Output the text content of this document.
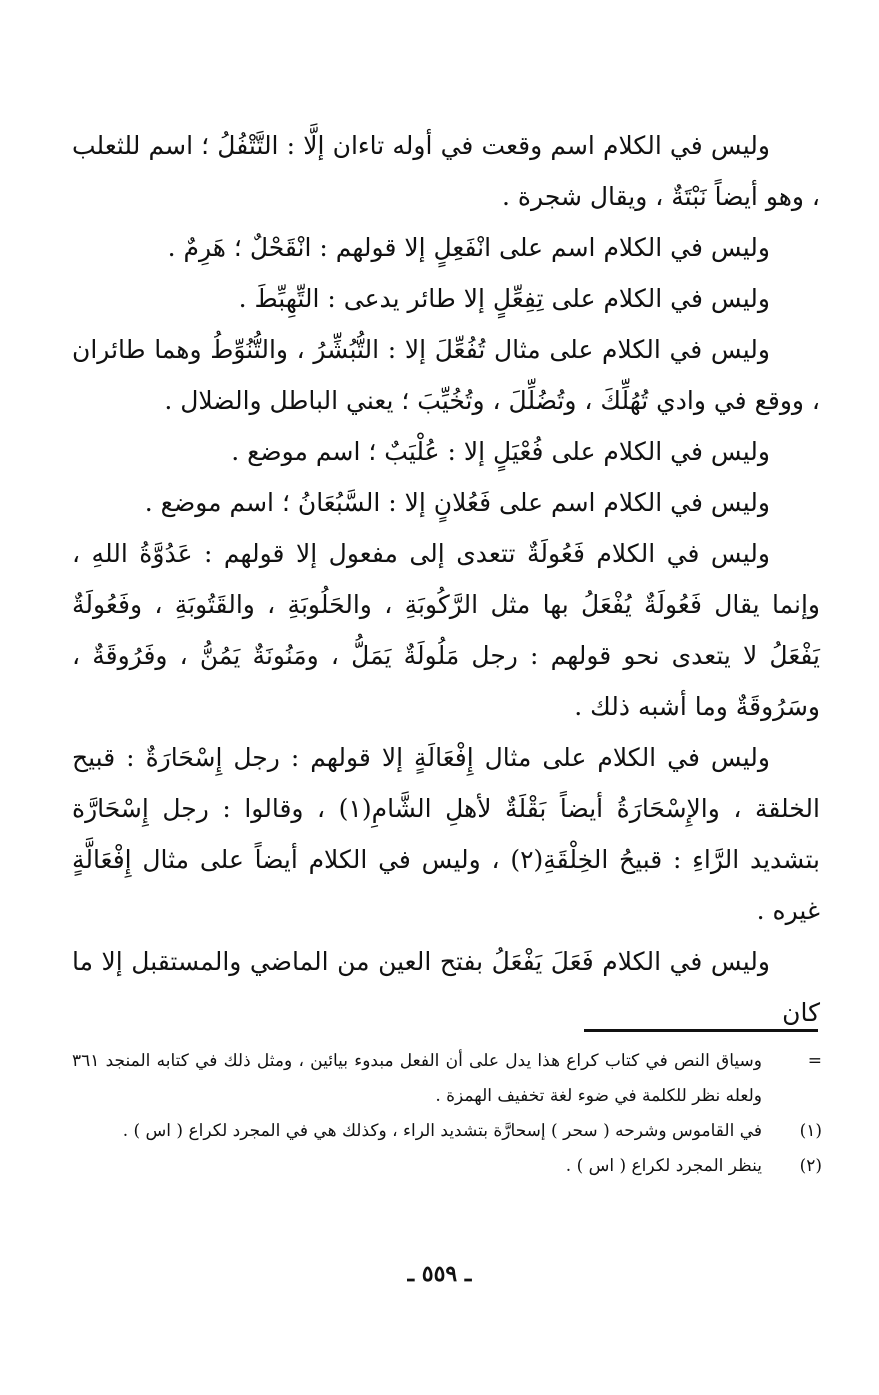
وليس في الكلام اسم وقعت في أوله تاءان إلَّا : التَّتْفُلُ ؛ اسم للثعلب ، وهو أيضاً نَبْتَةٌ ، ويقال شجرة .

وليس في الكلام اسم على انْفَعِلٍ إلا قولهم : انْقَحْلٌ ؛ هَرِمٌ .

وليس في الكلام على تِفِعِّلٍ إلا طائر يدعى : التِّهِبِّطَ .

وليس في الكلام على مثال تُفُعِّلَ إلا : التُّبُشِّرُ ، والتُّنُوِّطُ وهما طائران ، ووقع في وادي تُهُلِّكَ ، وتُضُلِّلَ ، وتُخُيِّبَ ؛ يعني الباطل والضلال .

وليس في الكلام على فُعْيَلٍ إلا : عُلْيَبٌ ؛ اسم موضع .

وليس في الكلام اسم على فَعُلانٍ إلا : السَّبُعَانُ ؛ اسم موضع .

وليس في الكلام فَعُولَةٌ تتعدى إلى مفعول إلا قولهم : عَدُوَّةُ اللهِ ، وإنما يقال فَعُولَةٌ يُفْعَلُ بها مثل الرَّكُوبَةِ ، والحَلُوبَةِ ، والقَتُوبَةِ ، وفَعُولَةٌ يَفْعَلُ لا يتعدى نحو قولهم : رجل مَلُولَةٌ يَمَلُّ ، ومَنُونَةٌ يَمُنُّ ، وفَرُوقَةٌ ، وسَرُوقَةٌ وما أشبه ذلك .

وليس في الكلام على مثال إِفْعَالَةٍ إلا قولهم : رجل إِسْحَارَةٌ : قبيح الخلقة ، والإِسْحَارَةُ أيضاً بَقْلَةٌ لأهلِ الشَّامِ(١) ، وقالوا : رجل إِسْحَارَّة بتشديد الرَّاءِ : قبيحُ الخِلْقَةِ(٢) ، وليس في الكلام أيضاً على مثال إِفْعَالَّةٍ غيره .

وليس في الكلام فَعَلَ يَفْعَلُ بفتح العين من الماضي والمستقبل إلا ما كان

=
وسياق النص في كتاب كراع هذا يدل على أن الفعل مبدوء بيائين ، ومثل ذلك في كتابه المنجد ٣٦١ ولعله نظر للكلمة في ضوء لغة تخفيف الهمزة .
(١)
في القاموس وشرحه ( سحر ) إسحارَّة بتشديد الراء ، وكذلك هي في المجرد لكراع ( اس ) .
(٢)
ينظر المجرد لكراع ( اس ) .
ـ ٥٥٩ ـ
